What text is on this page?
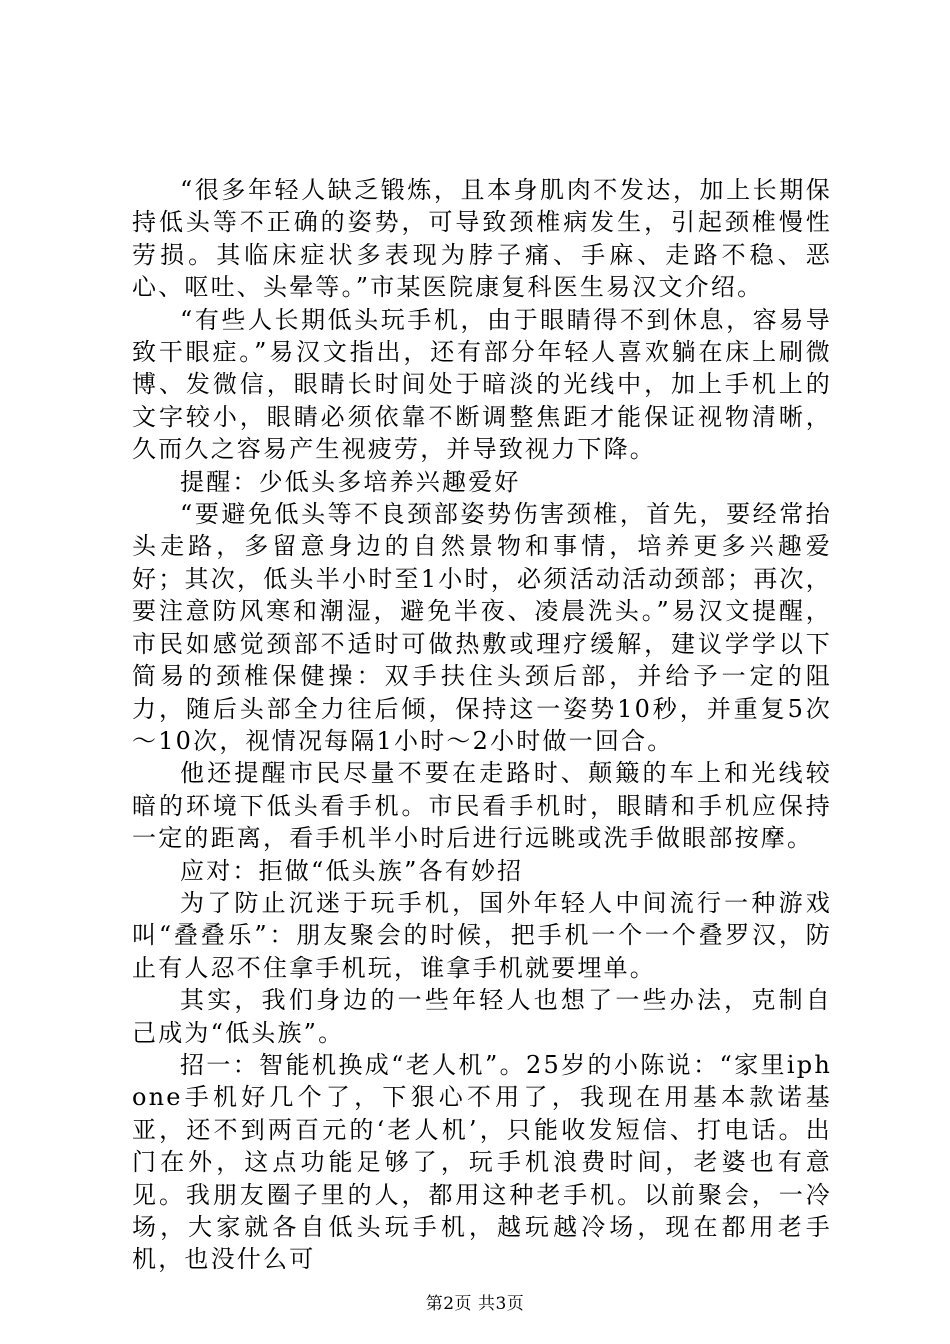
“很多年轻人缺乏锻炼，且本身肌肉不发达，加上长期保持低头等不正确的姿势，可导致颈椎病发生，引起颈椎慢性劳损。其临床症状多表现为脖子痛、手麻、走路不稳、恶心、呕吐、头晕等。”市某医院康复科医生易汉文介绍。

“有些人长期低头玩手机，由于眼睛得不到休息，容易导致干眼症。”易汉文指出，还有部分年轻人喜欢躺在床上刷微博、发微信，眼睛长时间处于暗淡的光线中，加上手机上的文字较小，眼睛必须依靠不断调整焦距才能保证视物清晰，久而久之容易产生视疲劳，并导致视力下降。

提醒：少低头多培养兴趣爱好

“要避免低头等不良颈部姿势伤害颈椎，首先，要经常抬头走路，多留意身边的自然景物和事情，培养更多兴趣爱好；其次，低头半小时至1小时，必须活动活动颈部；再次，要注意防风寒和潮湿，避免半夜、凌晨洗头。”易汉文提醒，市民如感觉颈部不适时可做热敷或理疗缓解，建议学学以下简易的颈椎保健操：双手扶住头颈后部，并给予一定的阻力，随后头部全力往后倾，保持这一姿势10秒，并重复5次～10次，视情况每隔1小时～2小时做一回合。

他还提醒市民尽量不要在走路时、颠簸的车上和光线较暗的环境下低头看手机。市民看手机时，眼睛和手机应保持一定的距离，看手机半小时后进行远眺或洗手做眼部按摩。

应对：拒做“低头族”各有妙招

为了防止沉迷于玩手机，国外年轻人中间流行一种游戏叫“叠叠乐”：朋友聚会的时候，把手机一个一个叠罗汉，防止有人忍不住拿手机玩，谁拿手机就要埋单。

其实，我们身边的一些年轻人也想了一些办法，克制自己成为“低头族”。

招一：智能机换成“老人机”。25岁的小陈说：“家里iphone手机好几个了，下狠心不用了，我现在用基本款诺基亚，还不到两百元的‘老人机’，只能收发短信、打电话。出门在外，这点功能足够了，玩手机浪费时间，老婆也有意见。我朋友圈子里的人，都用这种老手机。以前聚会，一冷场，大家就各自低头玩手机，越玩越冷场，现在都用老手机，也没什么可

第2页 共3页
